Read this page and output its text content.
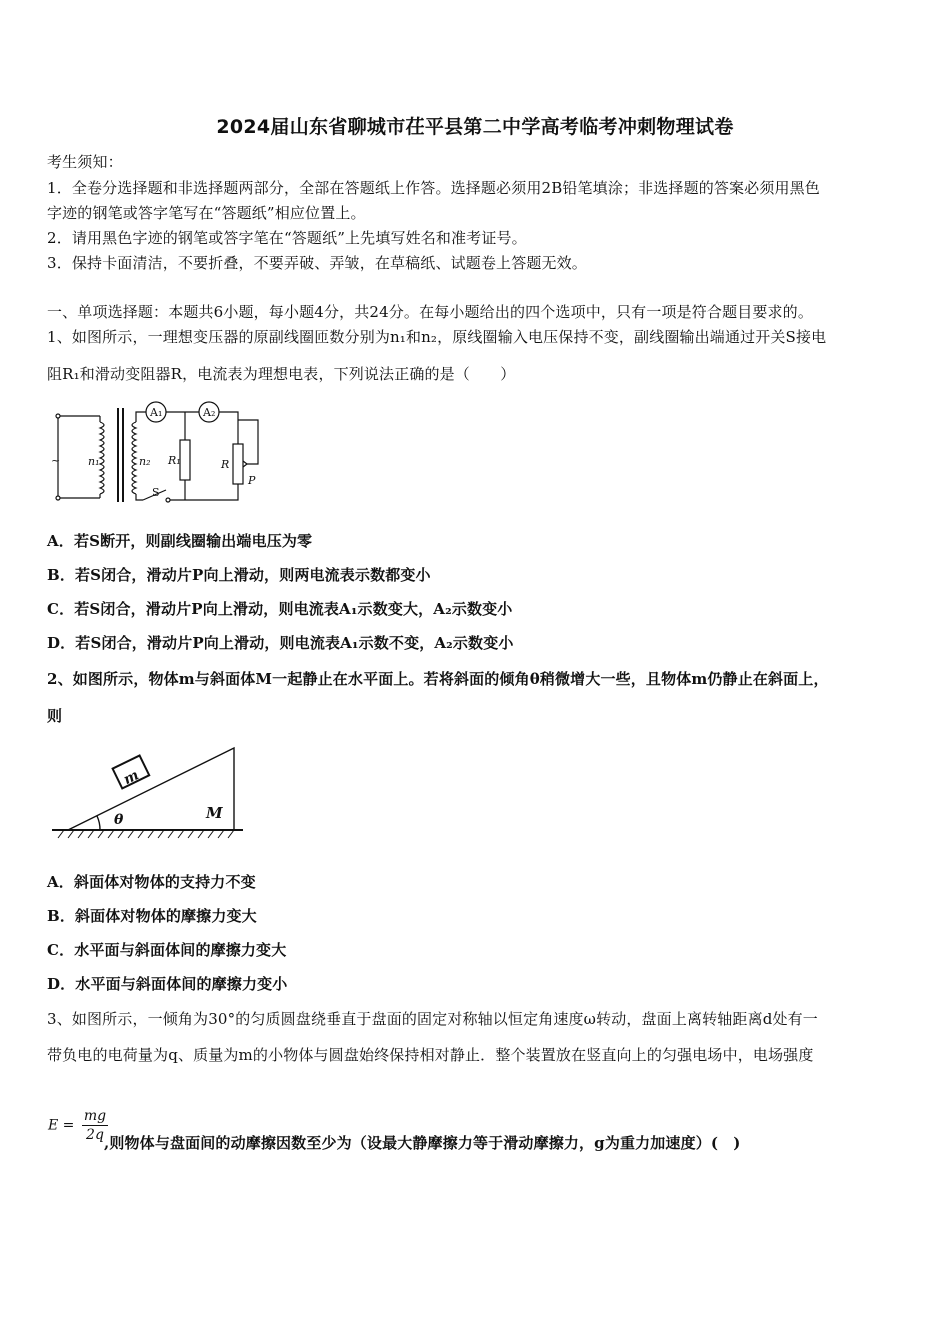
2024届山东省聊城市茌平县第二中学高考临考冲刺物理试卷
考生须知：
1．全卷分选择题和非选择题两部分，全部在答题纸上作答。选择题必须用2B铅笔填涂；非选择题的答案必须用黑色
字迹的钢笔或答字笔写在“答题纸”相应位置上。
2．请用黑色字迹的钢笔或答字笔在“答题纸”上先填写姓名和准考证号。
3．保持卡面清洁，不要折叠，不要弄破、弄皱，在草稿纸、试题卷上答题无效。
一、单项选择题：本题共6小题，每小题4分，共24分。在每小题给出的四个选项中，只有一项是符合题目要求的。
1、如图所示，一理想变压器的原副线圈匝数分别为n₁和n₂，原线圈输入电压保持不变，副线圈输出端通过开关S接电
阻R₁和滑动变阻器R，电流表为理想电表，下列说法正确的是（　　）
A₁	A₂
n₁	n₂ R₁	R
P
S
~
A．若S断开，则副线圈输出端电压为零
B．若S闭合，滑动片P向上滑动，则两电流表示数都变小
C．若S闭合，滑动片P向上滑动，则电流表A₁示数变大，A₂示数变小
D．若S闭合，滑动片P向上滑动，则电流表A₁示数不变，A₂示数变小
2、如图所示，物体m与斜面体M一起静止在水平面上。若将斜面的倾角θ稍微增大一些，且物体m仍静止在斜面上，
则
m
M
θ
A．斜面体对物体的支持力不变
B．斜面体对物体的摩擦力变大
C．水平面与斜面体间的摩擦力变大
D．水平面与斜面体间的摩擦力变小
3、如图所示，一倾角为30°的匀质圆盘绕垂直于盘面的固定对称轴以恒定角速度ω转动，盘面上离转轴距离d处有一
带负电的电荷量为q、质量为m的小物体与圆盘始终保持相对静止．整个装置放在竖直向上的匀强电场中，电场强度
$E = \frac{mg}{2q}$
,则物体与盘面间的动摩擦因数至少为（设最大静摩擦力等于滑动摩擦力，g为重力加速度）(　)
